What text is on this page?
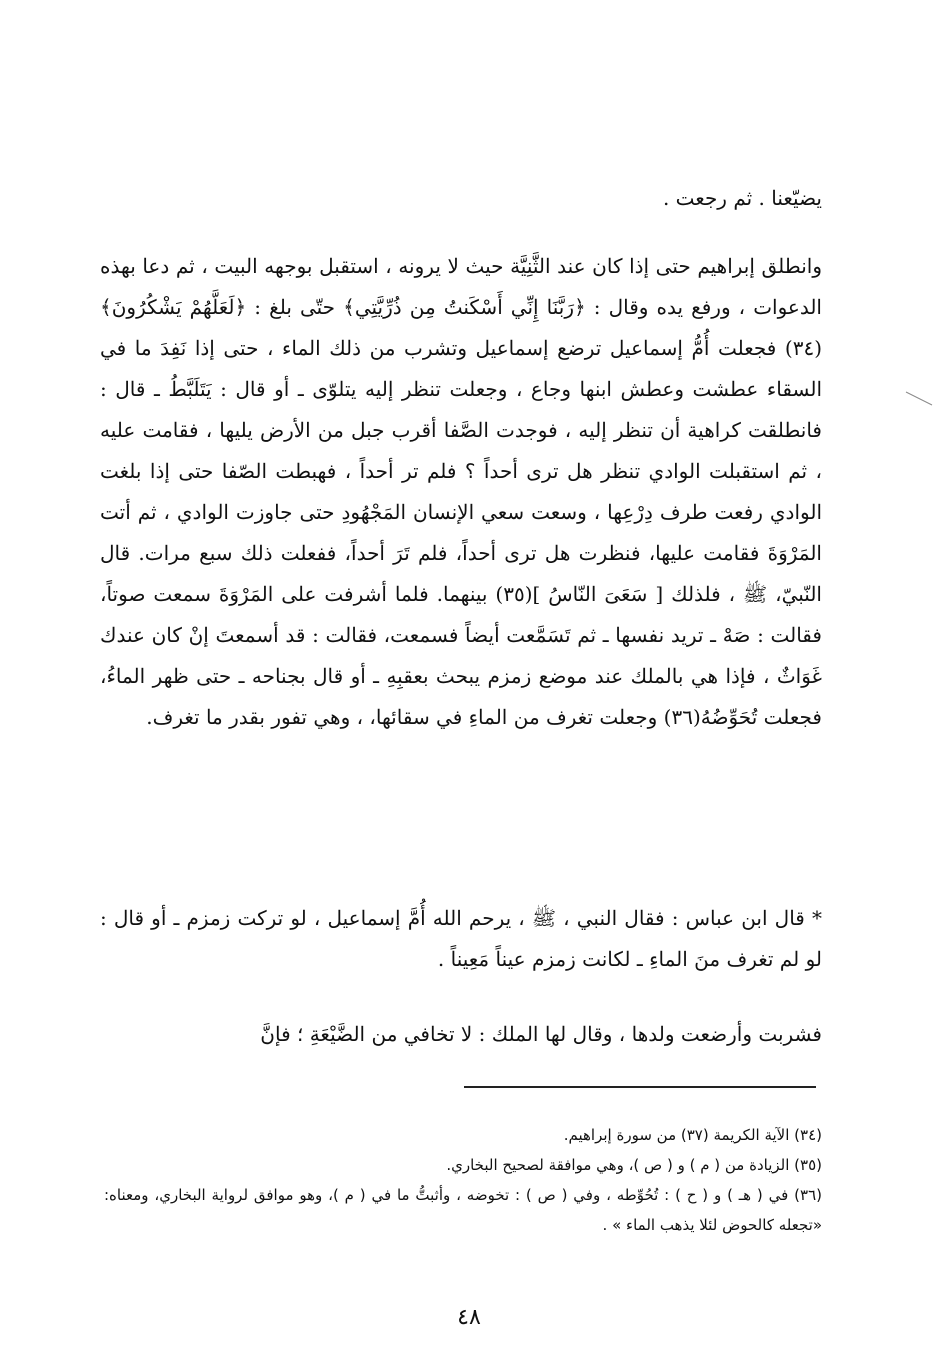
يضيّعنا . ثم رجعت .

وانطلق إبراهيم حتى إذا كان عند الثَّنِيَّة حيث لا يرونه ، استقبل بوجهه البيت ، ثم دعا بهذه الدعوات ، ورفع يده وقال : ﴿رَبَّنَا إِنِّي أَسْكَنتُ مِن ذُرِّيَّتِي﴾ حتّى بلغ : ﴿لَعَلَّهُمْ يَشْكُرُونَ﴾(٣٤) فجعلت أُمُّ إسماعيل ترضع إسماعيل وتشرب من ذلك الماء ، حتى إذا نَفِدَ ما في السقاء عطشت وعطش ابنها وجاع ، وجعلت تنظر إليه يتلوّى ـ أو قال : يَتَلَبَّطُ ـ قال : فانطلقت كراهية أن تنظر إليه ، فوجدت الصَّفا أقرب جبل من الأرض يليها ، فقامت عليه ، ثم استقبلت الوادي تنظر هل ترى أحداً ؟ فلم تر أحداً ، فهبطت الصّفا حتى إذا بلغت الوادي رفعت طرف دِرْعِها ، وسعت سعي الإنسان المَجْهُودِ حتى جاوزت الوادي ، ثم أتت المَرْوَةَ فقامت عليها، فنظرت هل ترى أحداً، فلم تَرَ أحداً، ففعلت ذلك سبع مرات. قال النّبيّ، ﷺ ، فلذلك [ سَعَىَ النّاسُ ](٣٥) بينهما. فلما أشرفت على المَرْوَةَ سمعت صوتاً، فقالت : صَهْ ـ تريد نفسها ـ ثم تَسَمَّعت أيضاً فسمعت، فقالت : قد أسمعتَ إنْ كان عندك غَوَاثٌ ، فإذا هي بالملك عند موضع زمزم يبحث بعقبِهِ ـ أو قال بجناحه ـ حتى ظهر الماءُ، فجعلت تُحَوِّضُهُ(٣٦) وجعلت تغرف من الماءِ في سقائها، ، وهي تفور بقدر ما تغرف.

* قال ابن عباس : فقال النبي ، ﷺ ، يرحم الله أُمَّ إسماعيل ، لو تركت زمزم ـ أو قال : لو لم تغرف منَ الماءِ ـ لكانت زمزم عيناً مَعِيناً .

فشربت وأرضعت ولدها ، وقال لها الملك : لا تخافي من الضَّيْعَةِ ؛ فإنَّ

(٣٤) الآية الكريمة (٣٧) من سورة إبراهيم.
(٣٥) الزيادة من ( م ) و ( ص )، وهي موافقة لصحيح البخاري.
(٣٦) في ( هـ ) و ( ح ) : تُحُوِّطه ، وفي ( ص ) : تخوضه ، وأثبتُّ ما في ( م )، وهو موافق لرواية البخاري، ومعناه: «تجعله كالحوض لئلا يذهب الماء » .
٤٨
